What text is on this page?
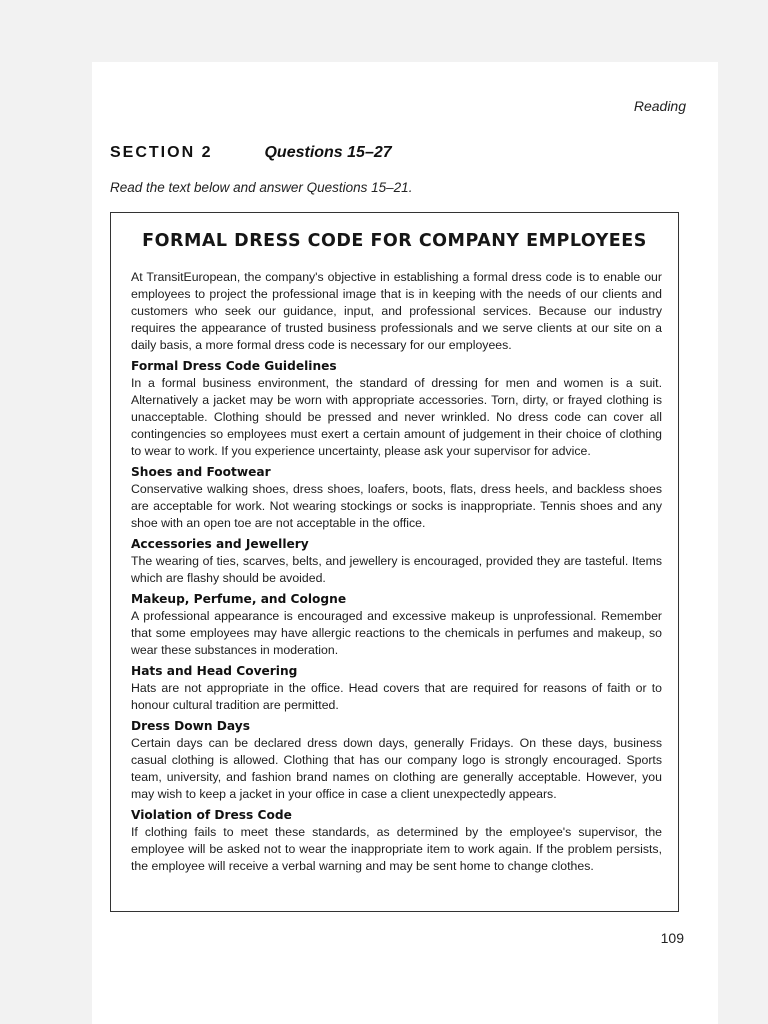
Reading
SECTION 2	Questions 15–27
Read the text below and answer Questions 15–21.
FORMAL DRESS CODE FOR COMPANY EMPLOYEES

At TransitEuropean, the company's objective in establishing a formal dress code is to enable our employees to project the professional image that is in keeping with the needs of our clients and customers who seek our guidance, input, and professional services. Because our industry requires the appearance of trusted business professionals and we serve clients at our site on a daily basis, a more formal dress code is necessary for our employees.

Formal Dress Code Guidelines

In a formal business environment, the standard of dressing for men and women is a suit. Alternatively a jacket may be worn with appropriate accessories. Torn, dirty, or frayed clothing is unacceptable. Clothing should be pressed and never wrinkled. No dress code can cover all contingencies so employees must exert a certain amount of judgement in their choice of clothing to wear to work. If you experience uncertainty, please ask your supervisor for advice.

Shoes and Footwear

Conservative walking shoes, dress shoes, loafers, boots, flats, dress heels, and backless shoes are acceptable for work. Not wearing stockings or socks is inappropriate. Tennis shoes and any shoe with an open toe are not acceptable in the office.

Accessories and Jewellery

The wearing of ties, scarves, belts, and jewellery is encouraged, provided they are tasteful. Items which are flashy should be avoided.

Makeup, Perfume, and Cologne

A professional appearance is encouraged and excessive makeup is unprofessional. Remember that some employees may have allergic reactions to the chemicals in perfumes and makeup, so wear these substances in moderation.

Hats and Head Covering

Hats are not appropriate in the office. Head covers that are required for reasons of faith or to honour cultural tradition are permitted.

Dress Down Days

Certain days can be declared dress down days, generally Fridays. On these days, business casual clothing is allowed. Clothing that has our company logo is strongly encouraged. Sports team, university, and fashion brand names on clothing are generally acceptable. However, you may wish to keep a jacket in your office in case a client unexpectedly appears.

Violation of Dress Code

If clothing fails to meet these standards, as determined by the employee's supervisor, the employee will be asked not to wear the inappropriate item to work again. If the problem persists, the employee will receive a verbal warning and may be sent home to change clothes.

109
